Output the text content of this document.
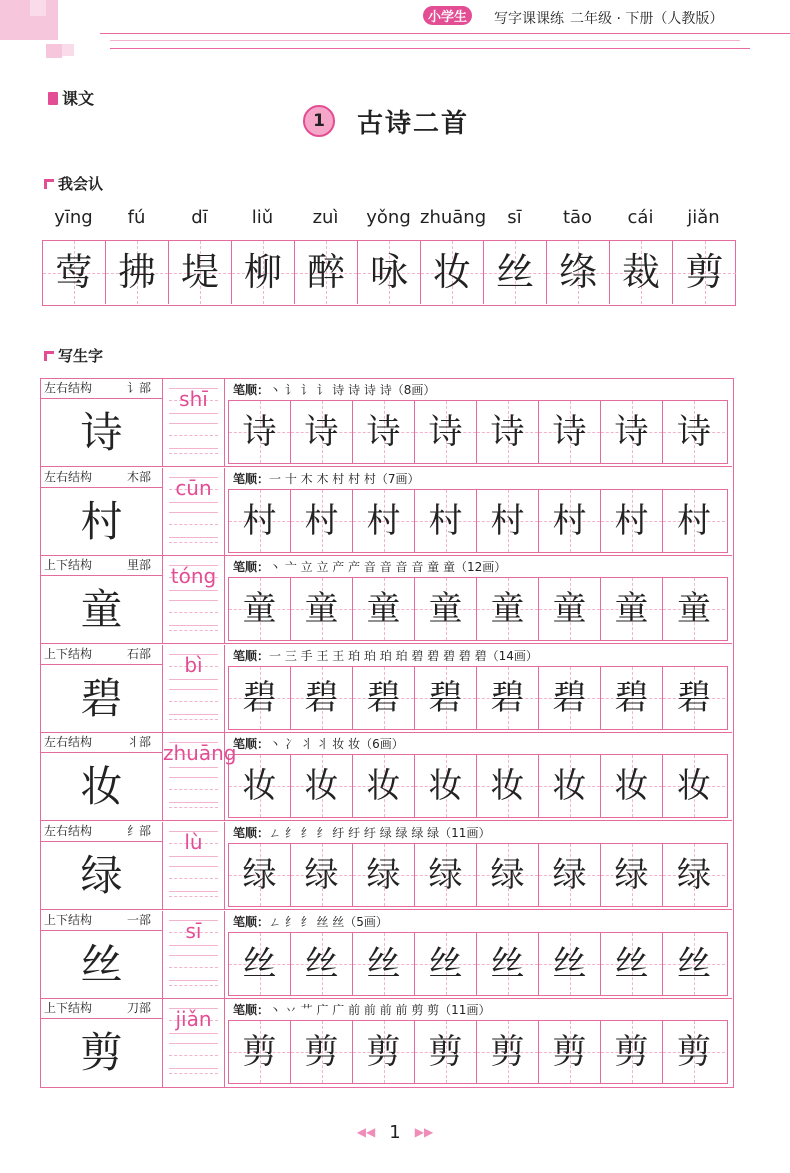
小学生	写字课课练 二年级 · 下册（人教版）
课文
1	古诗二首
我会认
yīng	fú	dī	liǔ	zuì	yǒng zhuāng	sī	tāo	cái	jiǎn
莺 拂 堤 柳 醉 咏 妆 丝 绦 裁 剪
写生字
左右结构	讠部
诗
shī	笔顺：丶 讠 讠 讠 诗 诗 诗 诗（8画）
诗 诗 诗 诗 诗 诗 诗 诗
左右结构	木部
村
cūn	笔顺：一 十 木 木 村 村 村（7画）
村 村 村 村 村 村 村 村
上下结构	里部
童
tóng	笔顺：丶 亠 立 立 产 产 音 音 音 音 童 童（12画）
童 童 童 童 童 童 童 童
上下结构	石部
碧
bì	笔顺：一 三 手 王 王 珀 珀 珀 珀 碧 碧 碧 碧 碧（14画）
碧 碧 碧 碧 碧 碧 碧 碧
左右结构	丬部
妆
zhuāng
笔顺：丶 冫 丬 丬 妆 妆（6画）
妆 妆 妆 妆 妆 妆 妆 妆
左右结构	纟部
绿
lù	笔顺：ㄥ 纟 纟 纟 纡 纡 纡 绿 绿 绿 绿（11画）
绿 绿 绿 绿 绿 绿 绿 绿
上下结构	一部
丝
sī	笔顺：ㄥ 纟 纟 丝 丝（5画）
丝 丝 丝 丝 丝 丝 丝 丝
上下结构	刀部
剪
jiǎn	笔顺：丶 丷 艹 广 广 前 前 前 前 剪 剪（11画）
剪 剪 剪 剪 剪 剪 剪 剪
◀◀ 1 ▶▶
